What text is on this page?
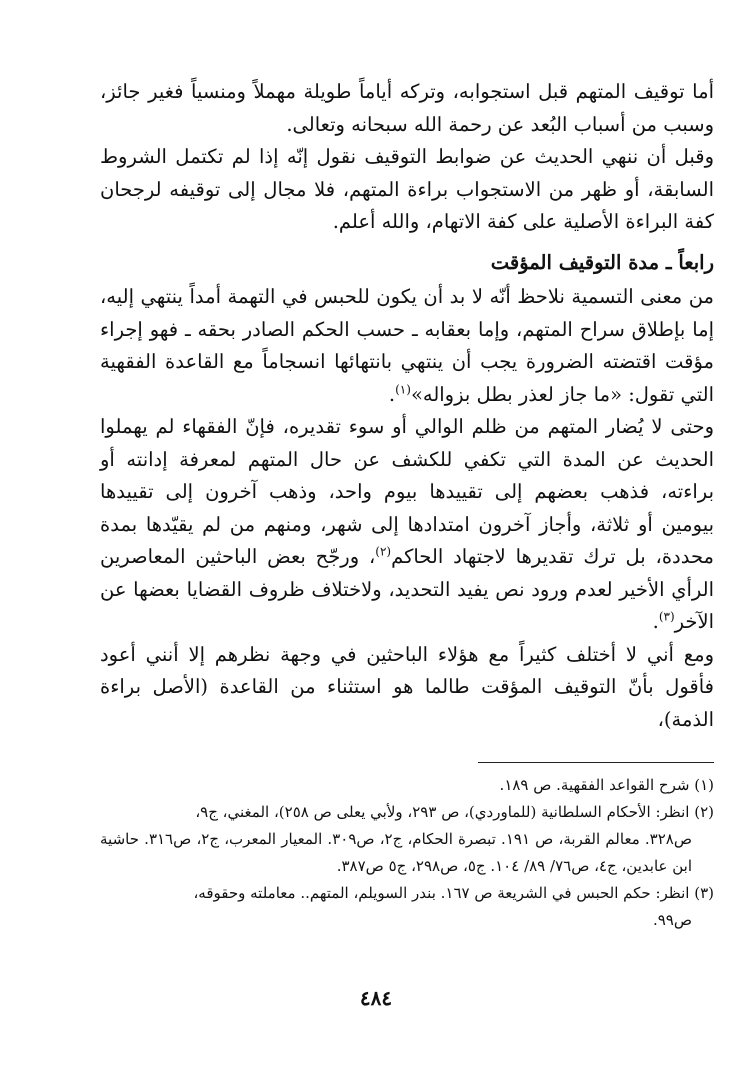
أما توقيف المتهم قبل استجوابه، وتركه أياماً طويلة مهملاً ومنسياً فغير جائز، وسبب من أسباب البُعد عن رحمة الله سبحانه وتعالى.

وقبل أن ننهي الحديث عن ضوابط التوقيف نقول إنّه إذا لم تكتمل الشروط السابقة، أو ظهر من الاستجواب براءة المتهم، فلا مجال إلى توقيفه لرجحان كفة البراءة الأصلية على كفة الاتهام، والله أعلم.

رابعاً ـ مدة التوقيف المؤقت

من معنى التسمية نلاحظ أنّه لا بد أن يكون للحبس في التهمة أمداً ينتهي إليه، إما بإطلاق سراح المتهم، وإما بعقابه ـ حسب الحكم الصادر بحقه ـ فهو إجراء مؤقت اقتضته الضرورة يجب أن ينتهي بانتهائها انسجاماً مع القاعدة الفقهية التي تقول: «ما جاز لعذر بطل بزواله»$^{(١)}$.

وحتى لا يُضار المتهم من ظلم الوالي أو سوء تقديره، فإنّ الفقهاء لم يهملوا الحديث عن المدة التي تكفي للكشف عن حال المتهم لمعرفة إدانته أو براءته، فذهب بعضهم إلى تقييدها بيوم واحد، وذهب آخرون إلى تقييدها بيومين أو ثلاثة، وأجاز آخرون امتدادها إلى شهر، ومنهم من لم يقيّدها بمدة محددة، بل ترك تقديرها لاجتهاد الحاكم$^{(٢)}$، ورجّح بعض الباحثين المعاصرين الرأي الأخير لعدم ورود نص يفيد التحديد، ولاختلاف ظروف القضايا بعضها عن الآخر$^{(٣)}$.

ومع أني لا أختلف كثيراً مع هؤلاء الباحثين في وجهة نظرهم إلا أنني أعود فأقول بأنّ التوقيف المؤقت طالما هو استثناء من القاعدة (الأصل براءة الذمة)،

(١) شرح القواعد الفقهية. ص ١٨٩.

(٢) انظر: الأحكام السلطانية (للماوردي)، ص ٢٩٣، ولأبي يعلى ص ٢٥٨)، المغني، ج٩،

ص٣٢٨. معالم القربة، ص ١٩١. تبصرة الحكام، ج٢، ص٣٠٩. المعيار المعرب، ج٢، ص٣١٦. حاشية ابن عابدين، ج٤، ص٧٦/ ٨٩/ ١٠٤. ج٥، ص٢٩٨، ج٥ ص٣٨٧.

(٣) انظر: حكم الحبس في الشريعة ص ١٦٧. بندر السويلم، المتهم.. معاملته وحقوقه،

ص٩٩.

٤٨٤
